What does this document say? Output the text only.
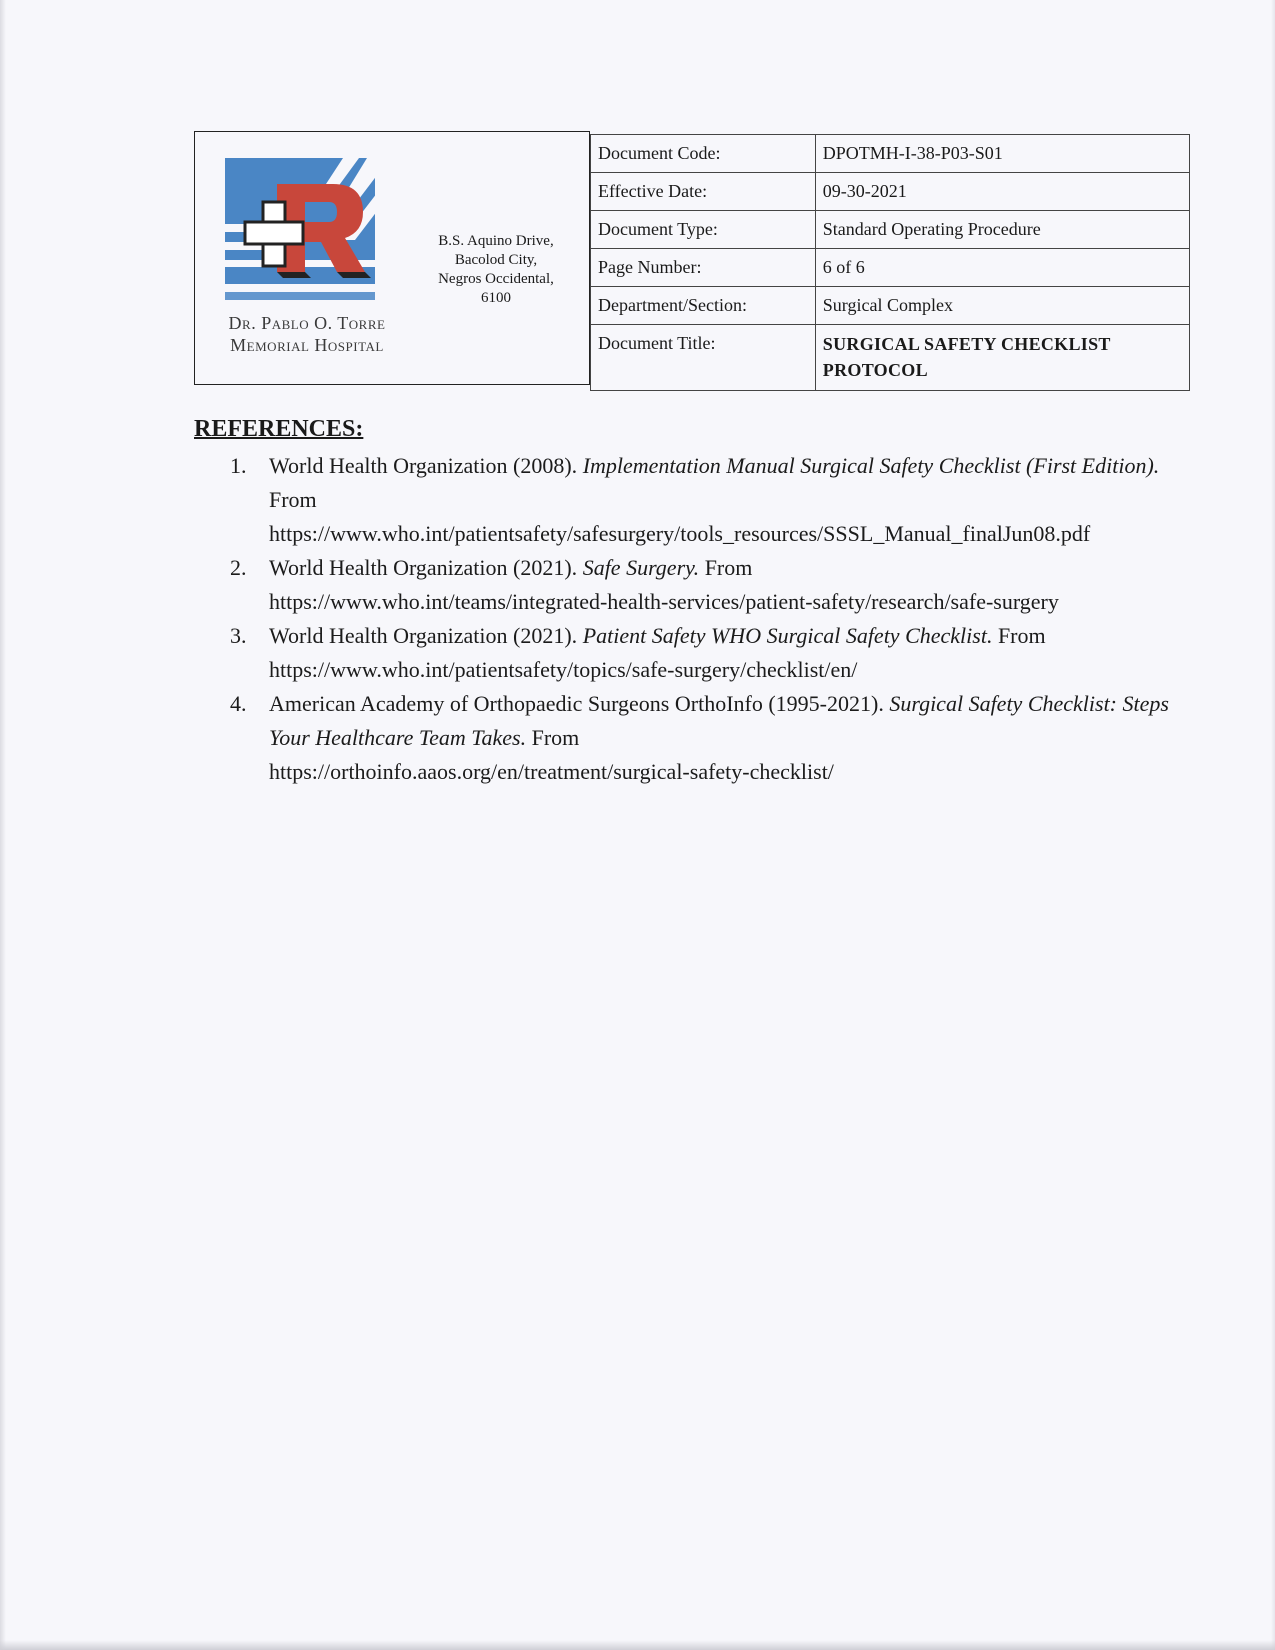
Dr. Pablo O. Torre
Memorial Hospital
B.S. Aquino Drive,
Bacolod City,
Negros Occidental,
6100
Document Code:	DPOTMH-I-38-P03-S01
Effective Date:	09-30-2021
Document Type:	Standard Operating Procedure
Page Number:	6 of 6
Department/Section:	Surgical Complex
Document Title:	SURGICAL SAFETY CHECKLIST PROTOCOL
REFERENCES:
1. World Health Organization (2008). Implementation Manual Surgical Safety Checklist (First Edition). From
https://www.who.int/patientsafety/safesurgery/tools_resources/SSSL_Manual_finalJun08.pdf
2. World Health Organization (2021). Safe Surgery. From
https://www.who.int/teams/integrated-health-services/patient-safety/research/safe-surgery
3. World Health Organization (2021). Patient Safety WHO Surgical Safety Checklist. From
https://www.who.int/patientsafety/topics/safe-surgery/checklist/en/
4. American Academy of Orthopaedic Surgeons OrthoInfo (1995-2021). Surgical Safety Checklist: Steps Your Healthcare Team Takes. From
https://orthoinfo.aaos.org/en/treatment/surgical-safety-checklist/
